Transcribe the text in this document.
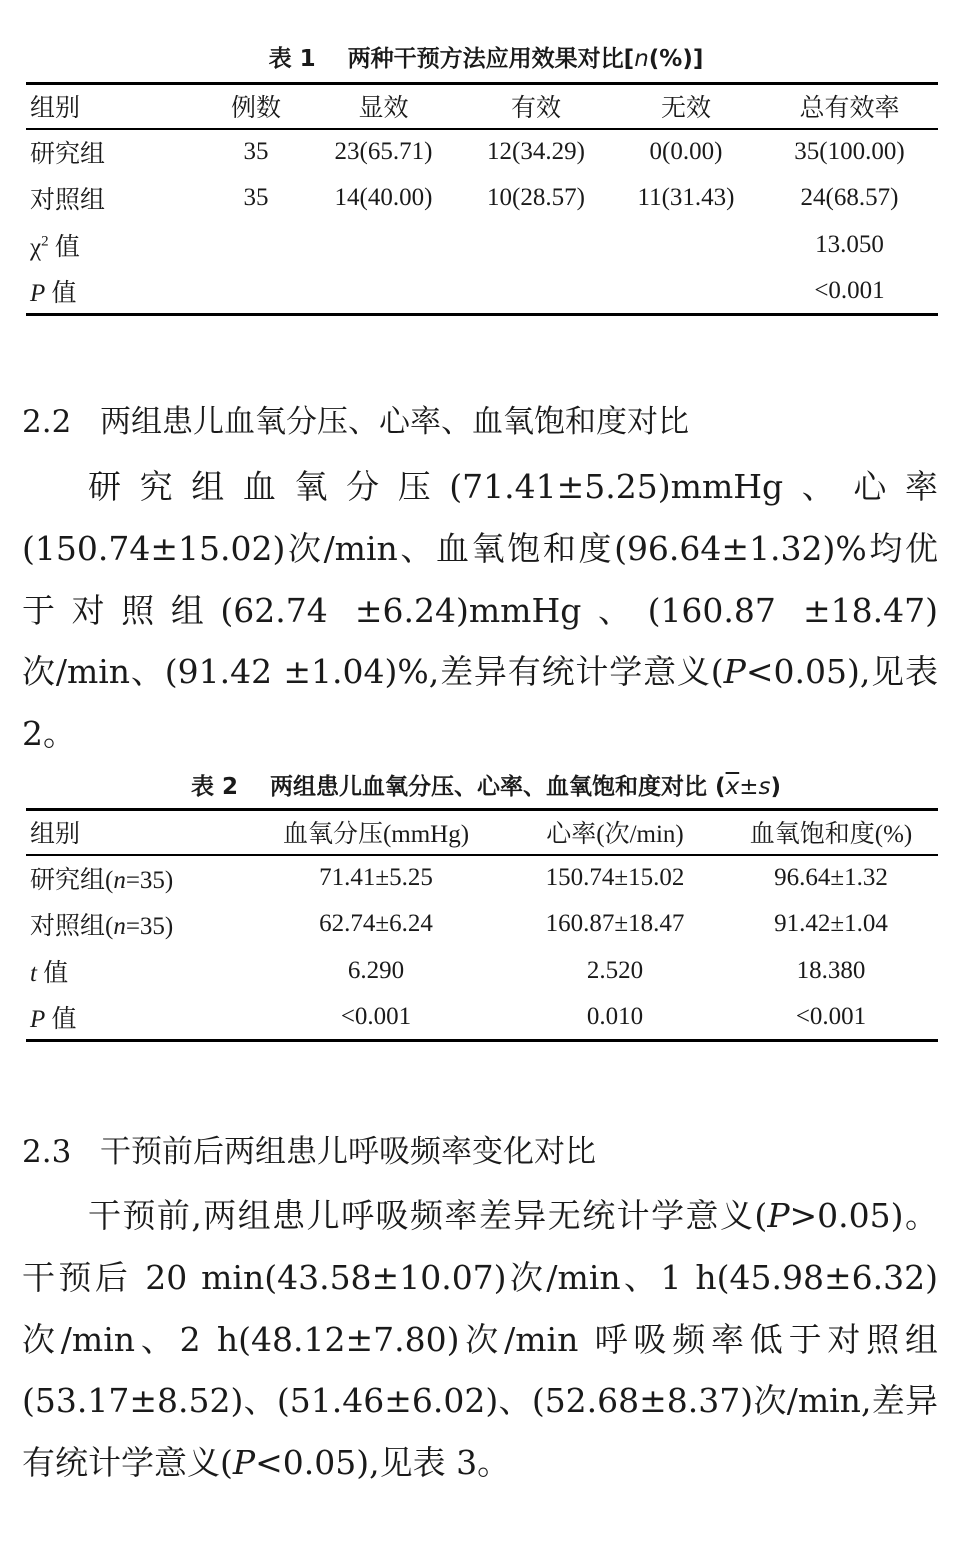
表 1 两种干预方法应用效果对比[n(%)]
组别	例数	显效	有效	无效	总有效率
研究组	35	23(65.71)	12(34.29)	0(0.00)	35(100.00)
对照组	35	14(40.00)	10(28.57)	11(31.43)	24(68.57)
$\chi^2$ 值					13.050
P 值					<0.001
2.2 两组患儿血氧分压、心率、血氧饱和度对比
研究组血氧分压(71.41±5.25)mmHg、心率(150.74±15.02)次/min、血氧饱和度(96.64±1.32)%均优于对照组(62.74 ±6.24)mmHg、(160.87 ±18.47) 次/min、(91.42 ±1.04)%,差异有统计学意义(P<0.05),见表 2。
表 2 两组患儿血氧分压、心率、血氧饱和度对比 $(\overline{x}\pm s)$
组别	血氧分压(mmHg)	心率(次/min)	血氧饱和度(%)
研究组(n=35)	71.41±5.25	150.74±15.02	96.64±1.32
对照组(n=35)	62.74±6.24	160.87±18.47	91.42±1.04
t 值	6.290	2.520	18.380
P 值	<0.001	0.010	<0.001
2.3 干预前后两组患儿呼吸频率变化对比
干预前,两组患儿呼吸频率差异无统计学意义(P>0.05)。干预后 20 min(43.58±10.07)次/min、1 h(45.98±6.32)次/min、2 h(48.12±7.80)次/min 呼吸频率低于对照组(53.17±8.52)、(51.46±6.02)、(52.68±8.37)次/min,差异有统计学意义(P<0.05),见表 3。
